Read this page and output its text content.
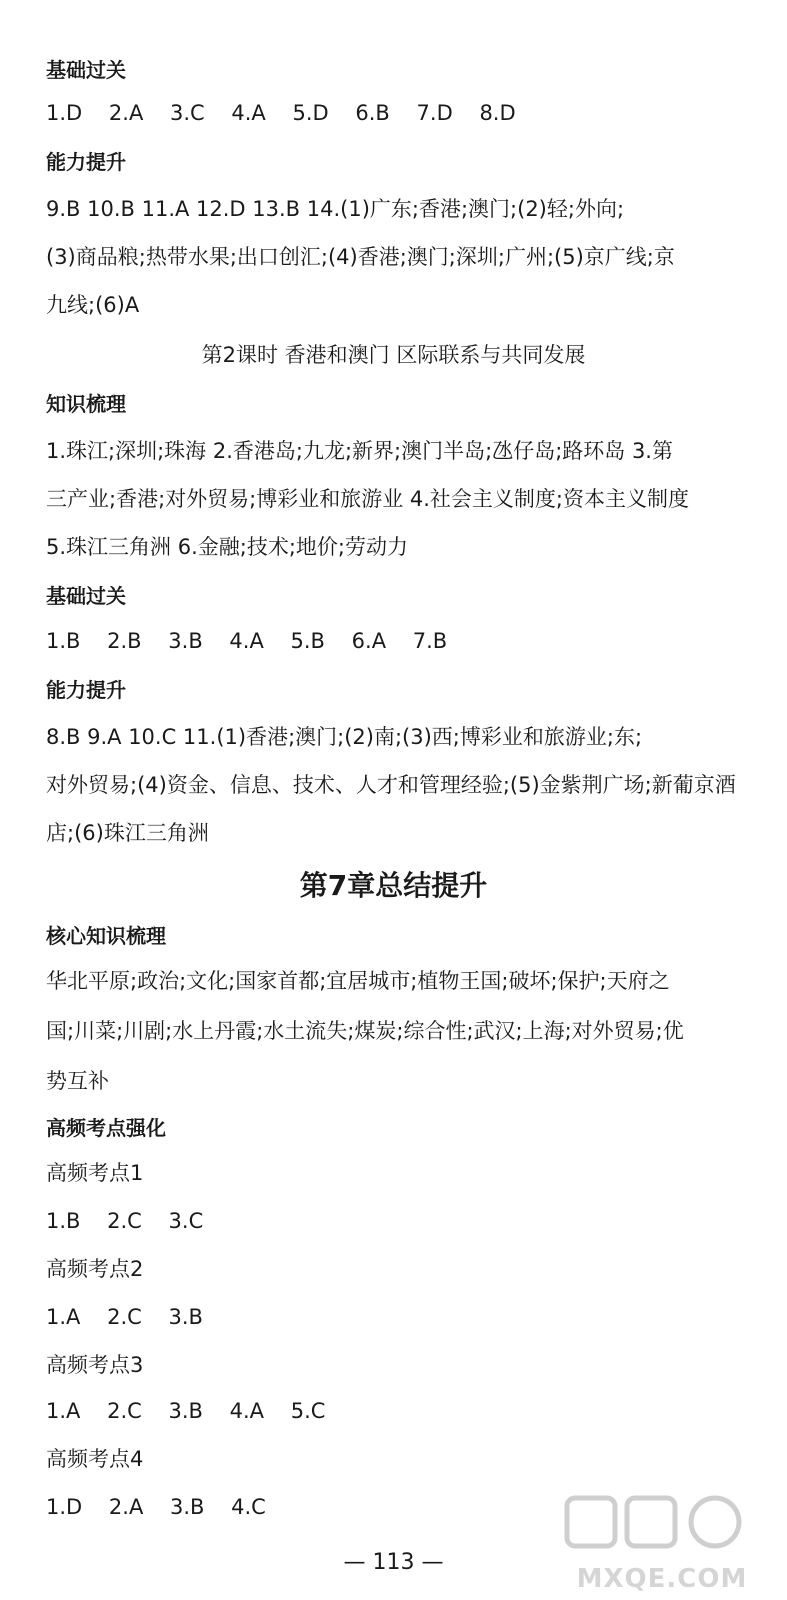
基础过关
1.D 2.A 3.C 4.A 5.D 6.B 7.D 8.D
能力提升
9.B 10.B 11.A 12.D 13.B 14.(1)广东;香港;澳门;(2)轻;外向;
(3)商品粮;热带水果;出口创汇;(4)香港;澳门;深圳;广州;(5)京广线;京
九线;(6)A
第2课时 香港和澳门 区际联系与共同发展
知识梳理
1.珠江;深圳;珠海 2.香港岛;九龙;新界;澳门半岛;氹仔岛;路环岛 3.第
三产业;香港;对外贸易;博彩业和旅游业 4.社会主义制度;资本主义制度
5.珠江三角洲 6.金融;技术;地价;劳动力
基础过关
1.B 2.B 3.B 4.A 5.B 6.A 7.B
能力提升
8.B 9.A 10.C 11.(1)香港;澳门;(2)南;(3)西;博彩业和旅游业;东;
对外贸易;(4)资金、信息、技术、人才和管理经验;(5)金紫荆广场;新葡京酒
店;(6)珠江三角洲
第7章总结提升
核心知识梳理
华北平原;政治;文化;国家首都;宜居城市;植物王国;破坏;保护;天府之
国;川菜;川剧;水上丹霞;水土流失;煤炭;综合性;武汉;上海;对外贸易;优
势互补
高频考点强化
高频考点1
1.B 2.C 3.C
高频考点2
1.A 2.C 3.B
高频考点3
1.A 2.C 3.B 4.A 5.C
高频考点4
1.D 2.A 3.B 4.C
— 113 —
MXQE.COM
